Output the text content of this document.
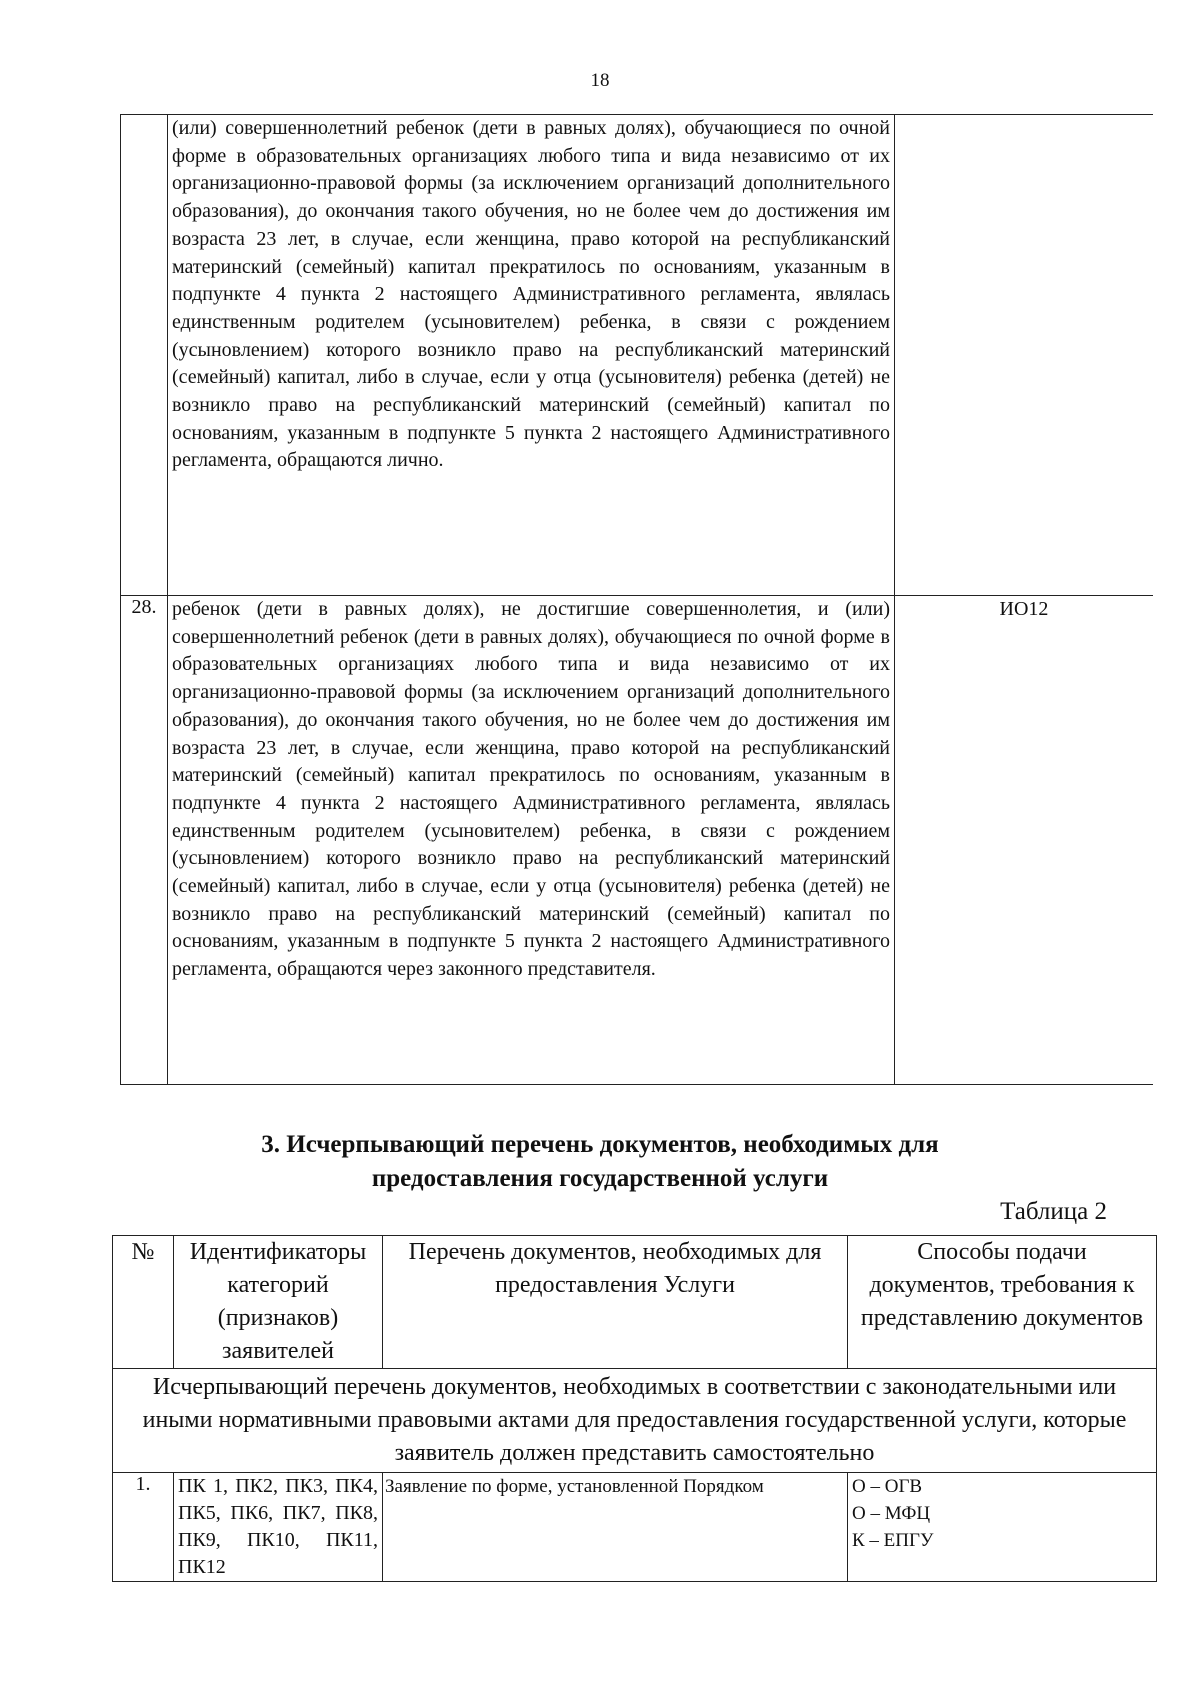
18
	(или) совершеннолетний ребенок (дети в равных долях), обучающиеся по очной форме в образовательных организациях любого типа и вида независимо от их организационно-правовой формы (за исключением организаций дополнительного образования), до окончания такого обучения, но не более чем до достижения им возраста 23 лет, в случае, если женщина, право которой на республиканский материнский (семейный) капитал прекратилось по основаниям, указанным в подпункте 4 пункта 2 настоящего Административного регламента, являлась единственным родителем (усыновителем) ребенка, в связи с рождением (усыновлением) которого возникло право на республиканский материнский (семейный) капитал, либо в случае, если у отца (усыновителя) ребенка (детей) не возникло право на республиканский материнский (семейный) капитал по основаниям, указанным в подпункте 5 пункта 2 настоящего Административного регламента, обращаются лично.	
28.	ребенок (дети в равных долях), не достигшие совершеннолетия, и (или) совершеннолетний ребенок (дети в равных долях), обучающиеся по очной форме в образовательных организациях любого типа и вида независимо от их организационно-правовой формы (за исключением организаций дополнительного образования), до окончания такого обучения, но не более чем до достижения им возраста 23 лет, в случае, если женщина, право которой на республиканский материнский (семейный) капитал прекратилось по основаниям, указанным в подпункте 4 пункта 2 настоящего Административного регламента, являлась единственным родителем (усыновителем) ребенка, в связи с рождением (усыновлением) которого возникло право на республиканский материнский (семейный) капитал, либо в случае, если у отца (усыновителя) ребенка (детей) не возникло право на республиканский материнский (семейный) капитал по основаниям, указанным в подпункте 5 пункта 2 настоящего Административного регламента, обращаются через законного представителя.	ИО12
3. Исчерпывающий перечень документов, необходимых для
предоставления государственной услуги
Таблица 2
№	Идентификаторы категорий (признаков) заявителей	Перечень документов, необходимых для предоставления Услуги	Способы подачи документов, требования к представлению документов
Исчерпывающий перечень документов, необходимых в соответствии с законодательными или иными нормативными правовыми актами для предоставления государственной услуги, которые заявитель должен представить самостоятельно			
1.	ПК 1, ПК2, ПК3, ПК4, ПК5, ПК6, ПК7, ПК8, ПК9, ПК10, ПК11, ПК12	Заявление по форме, установленной Порядком	О – ОГВ
О – МФЦ
К – ЕПГУ
